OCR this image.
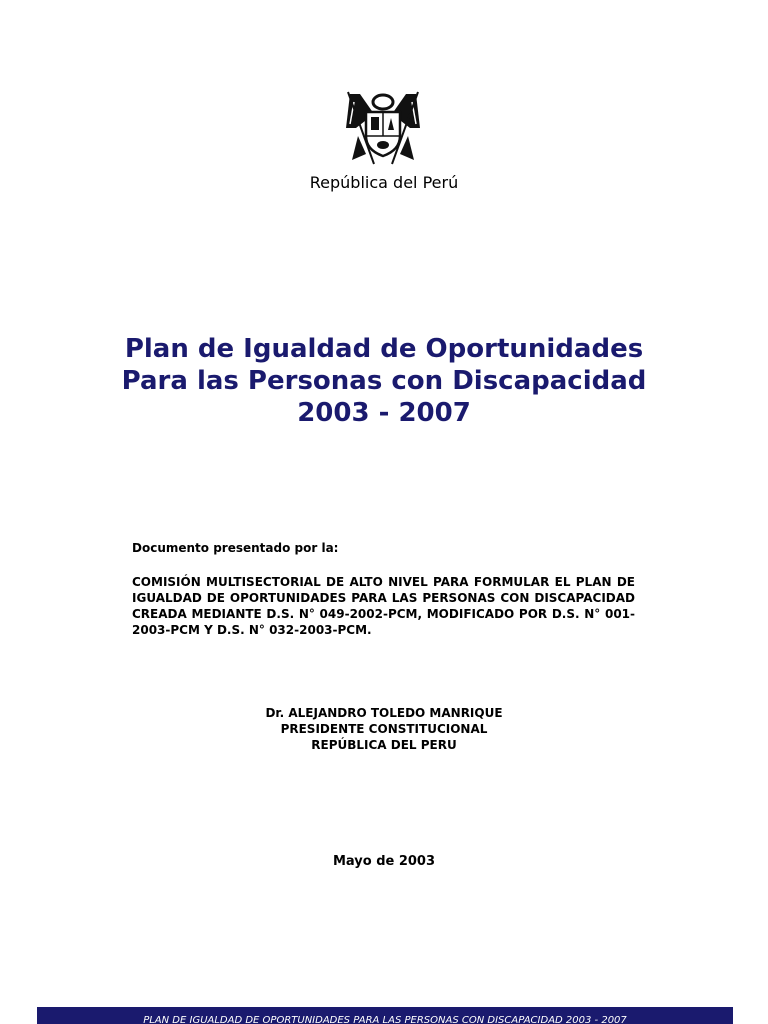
República del Perú
Plan de Igualdad de Oportunidades
Para las Personas con Discapacidad
2003 - 2007
Documento presentado por la:
COMISIÓN MULTISECTORIAL DE ALTO NIVEL PARA FORMULAR EL PLAN DE IGUALDAD DE OPORTUNIDADES PARA LAS PERSONAS CON DISCAPACIDAD CREADA MEDIANTE D.S. N° 049-2002-PCM, MODIFICADO POR D.S. N° 001-2003-PCM Y D.S. N° 032-2003-PCM.
Dr. ALEJANDRO TOLEDO MANRIQUE
PRESIDENTE CONSTITUCIONAL
REPÚBLICA DEL PERU
Mayo de 2003
PLAN DE IGUALDAD DE OPORTUNIDADES PARA LAS PERSONAS CON DISCAPACIDAD 2003 - 2007
